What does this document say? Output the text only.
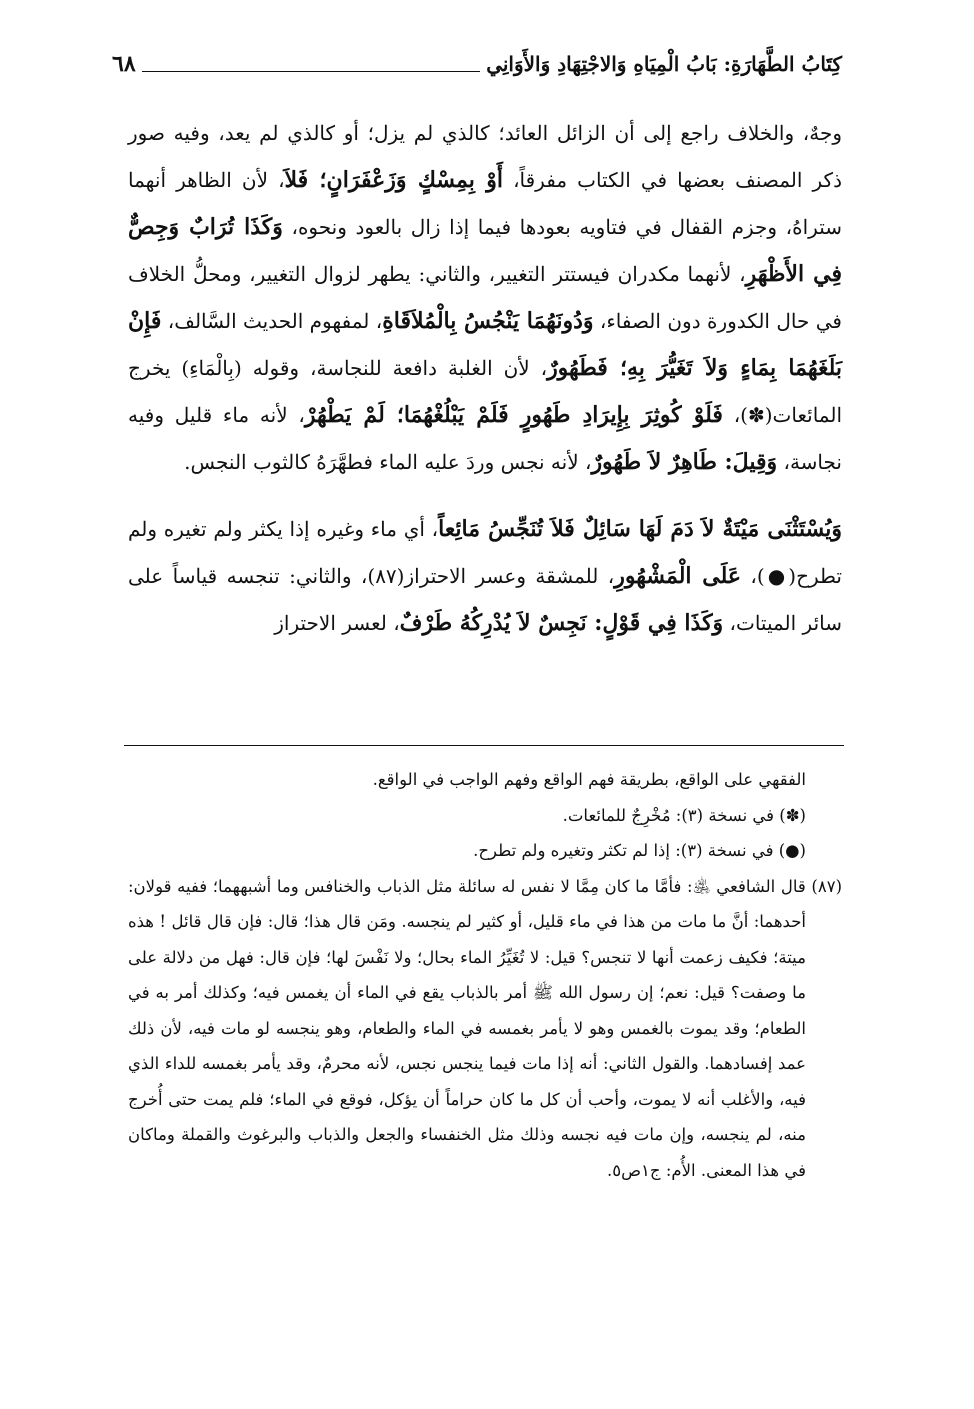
كِتَابُ الطَّهَارَةِ: بَابُ الْمِيَاهِ وَالاجْتِهَادِ وَالأَوَانِي
٦٨

وجهٌ، والخلاف راجع إلى أن الزائل العائد؛ كالذي لم يزل؛ أو كالذي لم يعد، وفيه صور ذكر المصنف بعضها في الكتاب مفرقاً، أَوْ بِمِسْكٍ وَزَعْفَرَانٍ؛ فَلاَ، لأن الظاهر أنهما ستراهُ، وجزم القفال في فتاويه بعودها فيما إذا زال بالعود ونحوه، وَكَذَا تُرَابٌ وَجِصٌّ فِي الأَظْهَرِ، لأنهما مكدران فيستتر التغيير، والثاني: يطهر لزوال التغيير، ومحلُّ الخلاف في حال الكدورة دون الصفاء، وَدُونَهُمَا يَنْجُسُ بِالْمُلاَقَاةِ، لمفهوم الحديث السَّالف، فَإِنْ بَلَغَهُمَا بِمَاءٍ وَلاَ تَغَيُّرَ بِهِ؛ فَطَهُورٌ، لأن الغلبة دافعة للنجاسة، وقوله (بِالْمَاءِ) يخرج المائعات(✽)، فَلَوْ كُوثِرَ بِإِيرَادِ طَهُورٍ فَلَمْ يَبْلُغْهُمَا؛ لَمْ يَطْهُرْ، لأنه ماء قليل وفيه نجاسة، وَقِيلَ: طَاهِرٌ لاَ طَهُورٌ، لأنه نجس وردَ عليه الماء فطهَّرَهُ كالثوب النجس.

وَيُسْتَثْنَى مَيْتَةٌ لاَ دَمَ لَهَا سَائِلٌ فَلاَ تُنَجِّسُ مَائِعاً، أي ماء وغيره إذا يكثر ولم تغيره ولم تطرح(●)، عَلَى الْمَشْهُورِ، للمشقة وعسر الاحتراز(٨٧)، والثاني: تنجسه قياساً على سائر الميتات، وَكَذَا فِي قَوْلٍ: نَجِسٌ لاَ يُدْرِكُهُ طَرْفٌ، لعسر الاحتراز

الفقهي على الواقع، بطريقة فهم الواقع وفهم الواجب في الواقع.

(✽) في نسخة (٣): مُخْرِجٌ للمائعات.

(●) في نسخة (٣): إذا لم تكثر وتغيره ولم تطرح.

(٨٧) قال الشافعي ﵁: فأمَّا ما كان مِمَّا لا نفس له سائلة مثل الذباب والخنافس وما أشبههما؛ ففيه قولان: أحدهما: أنَّ ما مات من هذا في ماء قليل، أو كثير لم ينجسه. ومَن قال هذا؛ قال: فإن قال قائل ! هذه ميتة؛ فكيف زعمت أنها لا تنجس؟ قيل: لا تُغَيِّرُ الماء بحال؛ ولا نَفْسَ لها؛ فإن قال: فهل من دلالة على ما وصفت؟ قيل: نعم؛ إن رسول الله ﷺ أمر بالذباب يقع في الماء أن يغمس فيه؛ وكذلك أمر به في الطعام؛ وقد يموت بالغمس وهو لا يأمر بغمسه في الماء والطعام، وهو ينجسه لو مات فيه، لأن ذلك عمد إفسادهما. والقول الثاني: أنه إذا مات فيما ينجس نجس، لأنه محرمٌ، وقد يأمر بغمسه للداء الذي فيه، والأغلب أنه لا يموت، وأحب أن كل ما كان حراماً أن يؤكل، فوقع في الماء؛ فلم يمت حتى أُخرج منه، لم ينجسه، وإن مات فيه نجسه وذلك مثل الخنفساء والجعل والذباب والبرغوث والقملة وماكان في هذا المعنى. الأُم: ج١ص٥.
